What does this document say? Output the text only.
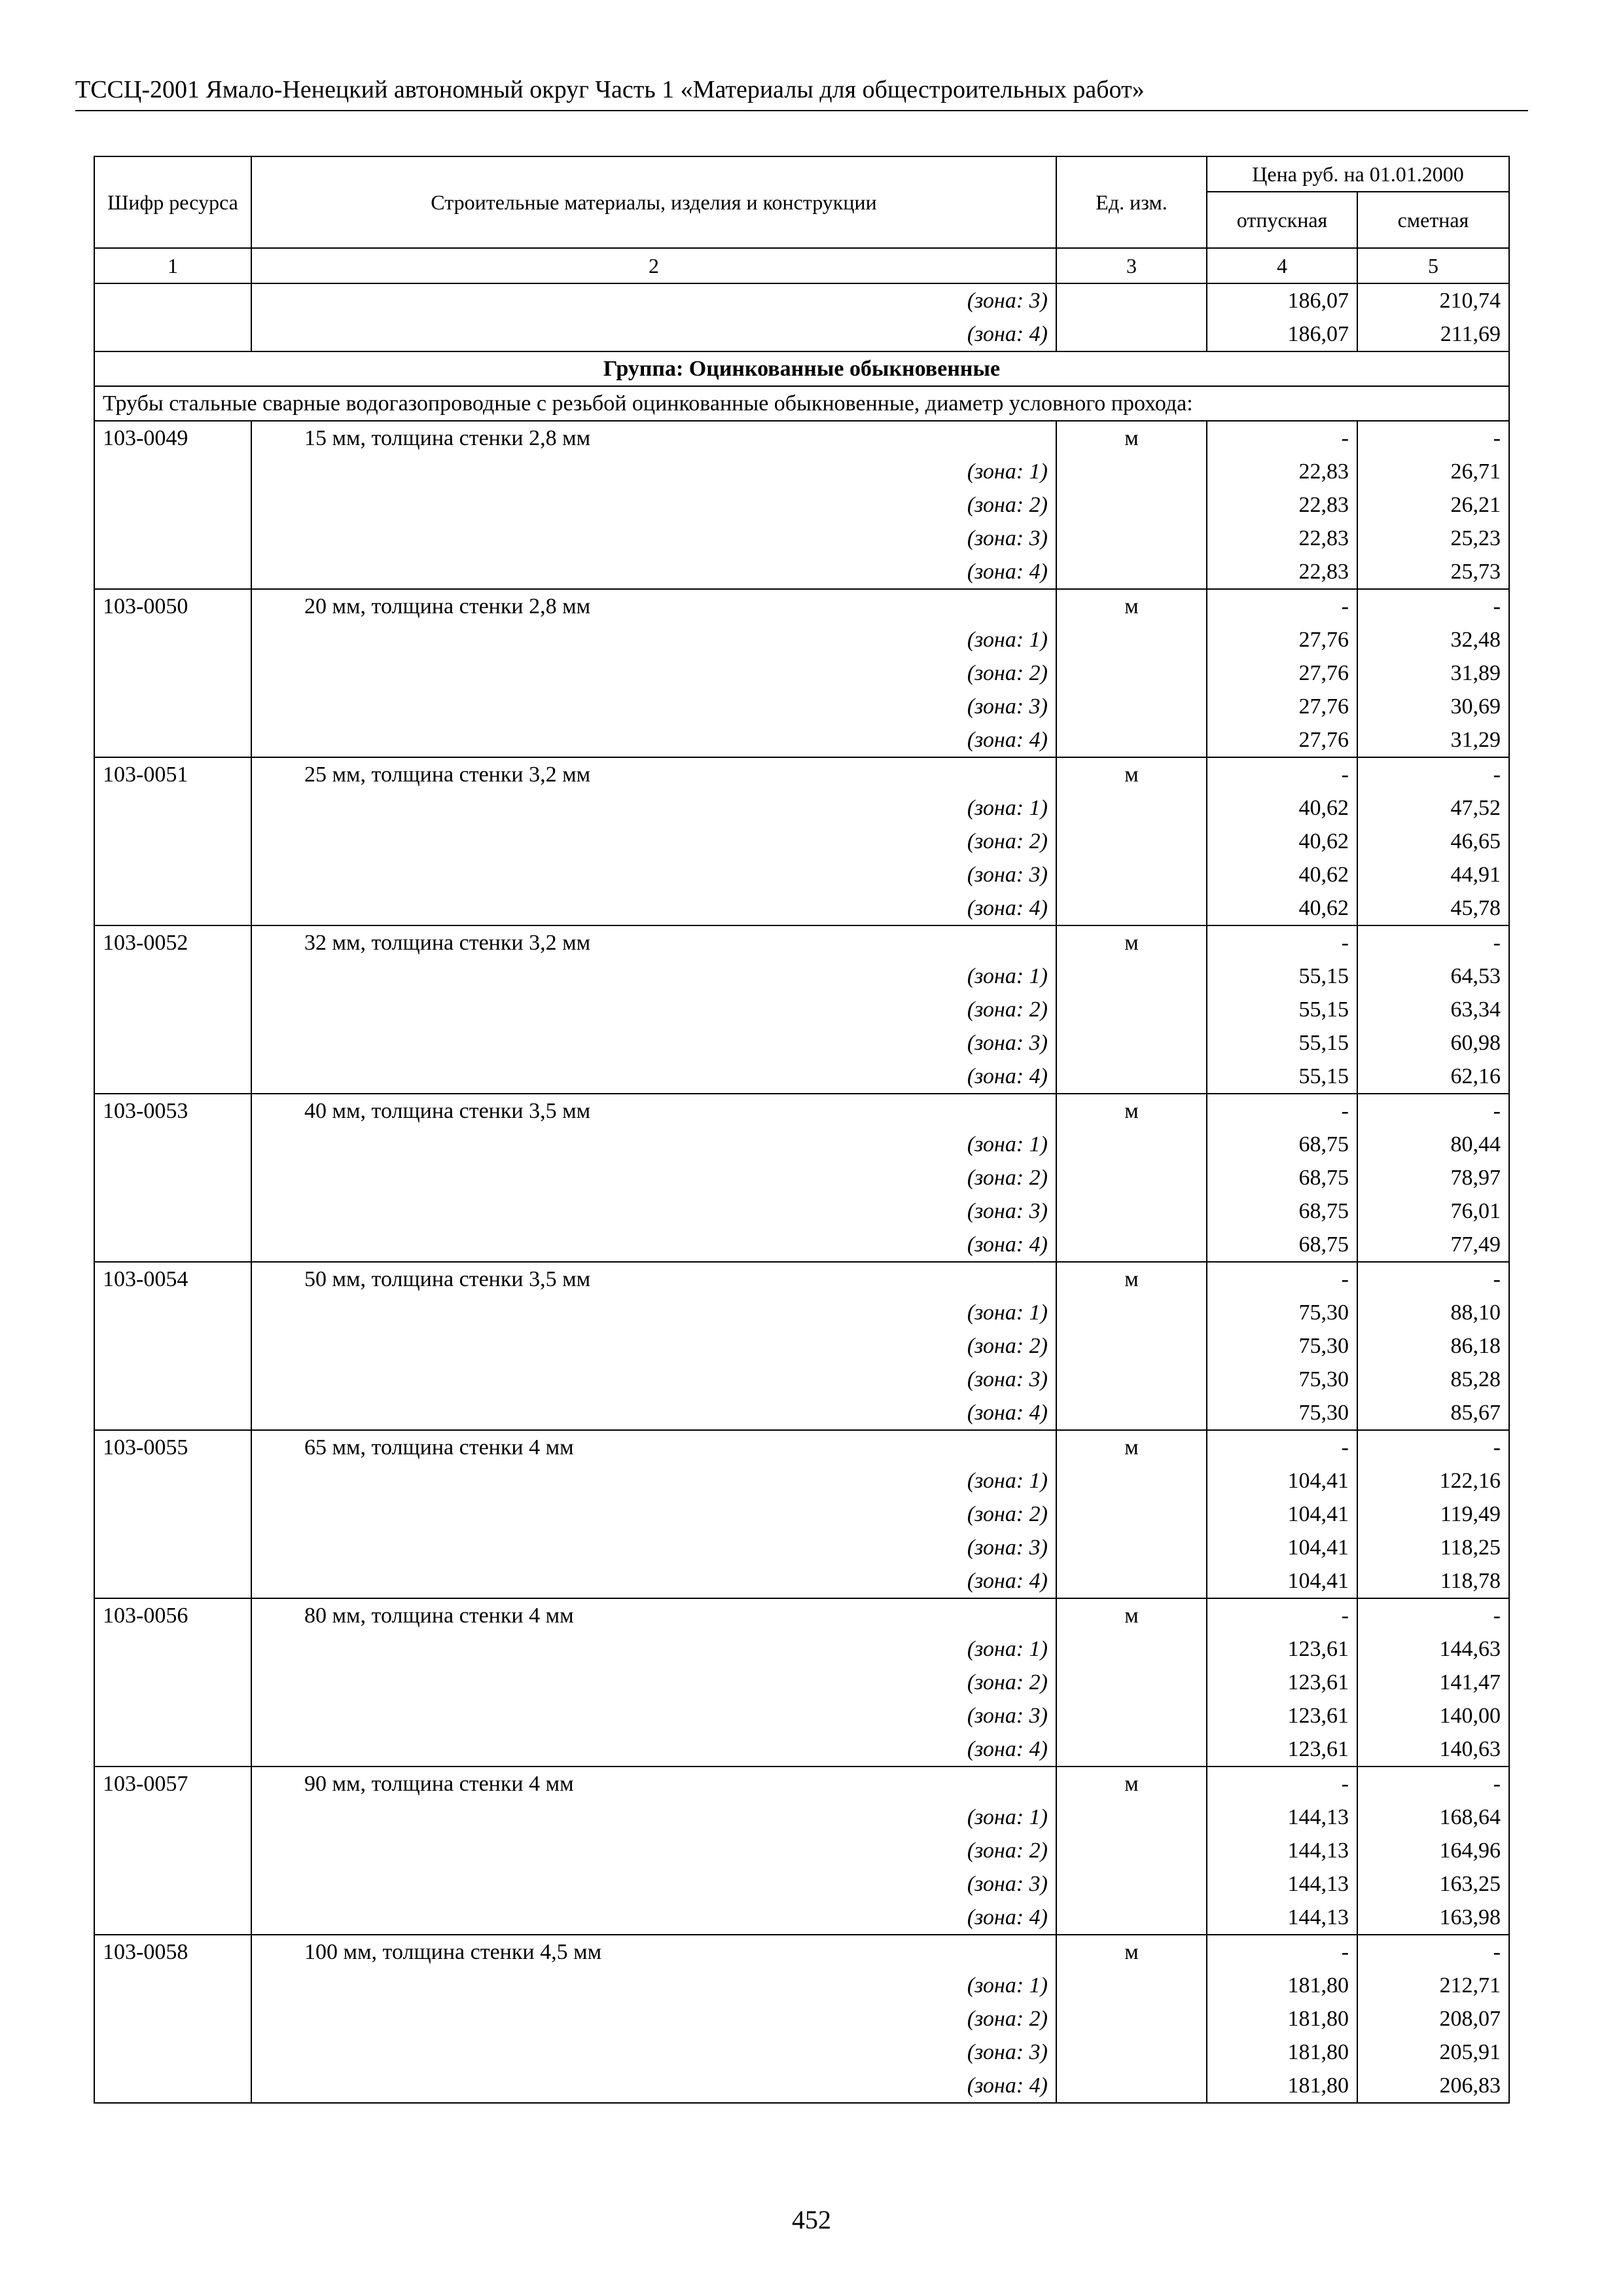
ТССЦ-2001 Ямало-Ненецкий автономный округ Часть 1 «Материалы для общестроительных работ»
Шифр ресурса	Строительные материалы, изделия и конструкции	Ед. изм.	Цена руб. на 01.01.2000	
			отпускная	сметная
1	2	3	4	5
	(зона: 3)		186,07	210,74
	(зона: 4)		186,07	211,69
Группа: Оцинкованные обыкновенные				
Трубы стальные сварные водогазопроводные с резьбой оцинкованные обыкновенные, диаметр условного прохода:				
103-0049	15 мм, толщина стенки 2,8 мм	м	-	-
	(зона: 1)		22,83	26,71
	(зона: 2)		22,83	26,21
	(зона: 3)		22,83	25,23
	(зона: 4)		22,83	25,73
103-0050	20 мм, толщина стенки 2,8 мм	м	-	-
	(зона: 1)		27,76	32,48
	(зона: 2)		27,76	31,89
	(зона: 3)		27,76	30,69
	(зона: 4)		27,76	31,29
103-0051	25 мм, толщина стенки 3,2 мм	м	-	-
	(зона: 1)		40,62	47,52
	(зона: 2)		40,62	46,65
	(зона: 3)		40,62	44,91
	(зона: 4)		40,62	45,78
103-0052	32 мм, толщина стенки 3,2 мм	м	-	-
	(зона: 1)		55,15	64,53
	(зона: 2)		55,15	63,34
	(зона: 3)		55,15	60,98
	(зона: 4)		55,15	62,16
103-0053	40 мм, толщина стенки 3,5 мм	м	-	-
	(зона: 1)		68,75	80,44
	(зона: 2)		68,75	78,97
	(зона: 3)		68,75	76,01
	(зона: 4)		68,75	77,49
103-0054	50 мм, толщина стенки 3,5 мм	м	-	-
	(зона: 1)		75,30	88,10
	(зона: 2)		75,30	86,18
	(зона: 3)		75,30	85,28
	(зона: 4)		75,30	85,67
103-0055	65 мм, толщина стенки 4 мм	м	-	-
	(зона: 1)		104,41	122,16
	(зона: 2)		104,41	119,49
	(зона: 3)		104,41	118,25
	(зона: 4)		104,41	118,78
103-0056	80 мм, толщина стенки 4 мм	м	-	-
	(зона: 1)		123,61	144,63
	(зона: 2)		123,61	141,47
	(зона: 3)		123,61	140,00
	(зона: 4)		123,61	140,63
103-0057	90 мм, толщина стенки 4 мм	м	-	-
	(зона: 1)		144,13	168,64
	(зона: 2)		144,13	164,96
	(зона: 3)		144,13	163,25
	(зона: 4)		144,13	163,98
103-0058	100 мм, толщина стенки 4,5 мм	м	-	-
	(зона: 1)		181,80	212,71
	(зона: 2)		181,80	208,07
	(зона: 3)		181,80	205,91
	(зона: 4)		181,80	206,83
452
